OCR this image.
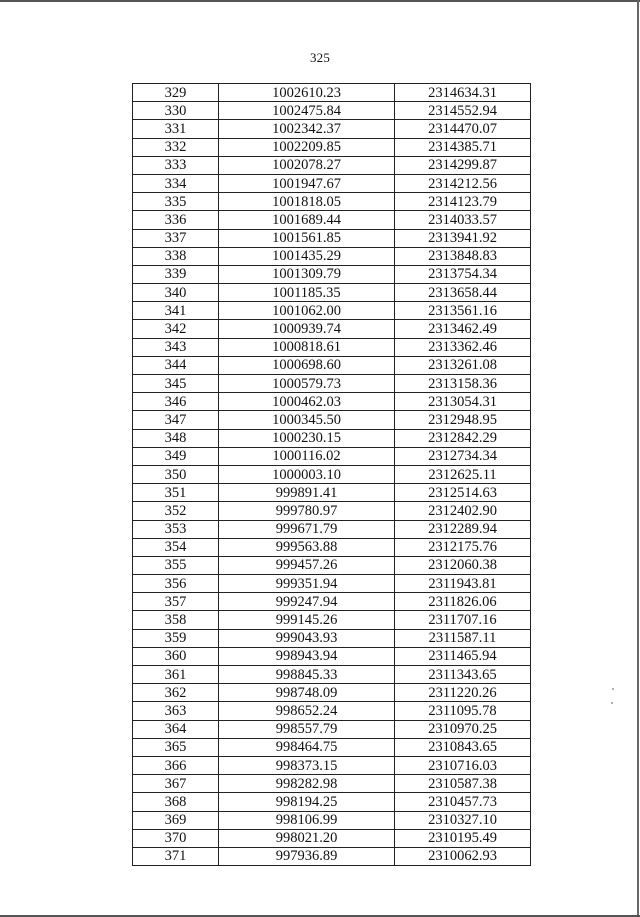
325
329	1002610.23	2314634.31
330	1002475.84	2314552.94
331	1002342.37	2314470.07
332	1002209.85	2314385.71
333	1002078.27	2314299.87
334	1001947.67	2314212.56
335	1001818.05	2314123.79
336	1001689.44	2314033.57
337	1001561.85	2313941.92
338	1001435.29	2313848.83
339	1001309.79	2313754.34
340	1001185.35	2313658.44
341	1001062.00	2313561.16
342	1000939.74	2313462.49
343	1000818.61	2313362.46
344	1000698.60	2313261.08
345	1000579.73	2313158.36
346	1000462.03	2313054.31
347	1000345.50	2312948.95
348	1000230.15	2312842.29
349	1000116.02	2312734.34
350	1000003.10	2312625.11
351	999891.41	2312514.63
352	999780.97	2312402.90
353	999671.79	2312289.94
354	999563.88	2312175.76
355	999457.26	2312060.38
356	999351.94	2311943.81
357	999247.94	2311826.06
358	999145.26	2311707.16
359	999043.93	2311587.11
360	998943.94	2311465.94
361	998845.33	2311343.65
362	998748.09	2311220.26
363	998652.24	2311095.78
364	998557.79	2310970.25
365	998464.75	2310843.65
366	998373.15	2310716.03
367	998282.98	2310587.38
368	998194.25	2310457.73
369	998106.99	2310327.10
370	998021.20	2310195.49
371	997936.89	2310062.93
